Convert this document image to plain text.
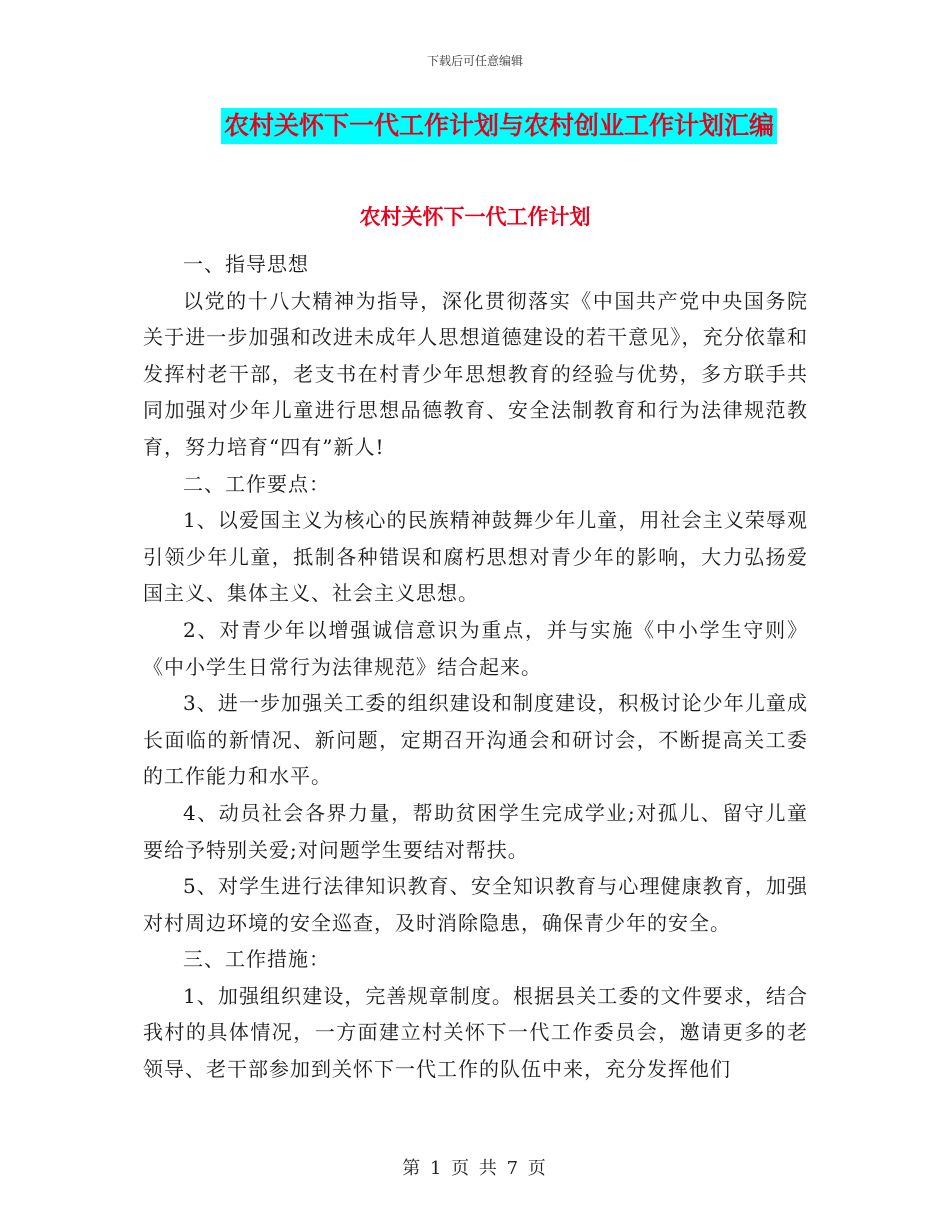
下载后可任意编辑
农村关怀下一代工作计划与农村创业工作计划汇编
农村关怀下一代工作计划

一、指导思想

以党的十八大精神为指导，深化贯彻落实《中国共产党中央国务院关于进一步加强和改进未成年人思想道德建设的若干意见》，充分依靠和发挥村老干部，老支书在村青少年思想教育的经验与优势，多方联手共同加强对少年儿童进行思想品德教育、安全法制教育和行为法律规范教育，努力培育“四有”新人!

二、工作要点：

1、以爱国主义为核心的民族精神鼓舞少年儿童，用社会主义荣辱观引领少年儿童，抵制各种错误和腐朽思想对青少年的影响，大力弘扬爱国主义、集体主义、社会主义思想。

2、对青少年以增强诚信意识为重点，并与实施《中小学生守则》《中小学生日常行为法律规范》结合起来。

3、进一步加强关工委的组织建设和制度建设，积极讨论少年儿童成长面临的新情况、新问题，定期召开沟通会和研讨会，不断提高关工委的工作能力和水平。

4、动员社会各界力量，帮助贫困学生完成学业;对孤儿、留守儿童要给予特别关爱;对问题学生要结对帮扶。

5、对学生进行法律知识教育、安全知识教育与心理健康教育，加强对村周边环境的安全巡查，及时消除隐患，确保青少年的安全。

三、工作措施：

1、加强组织建设，完善规章制度。根据县关工委的文件要求，结合我村的具体情况，一方面建立村关怀下一代工作委员会，邀请更多的老领导、老干部参加到关怀下一代工作的队伍中来，充分发挥他们

第 1 页 共 7 页
